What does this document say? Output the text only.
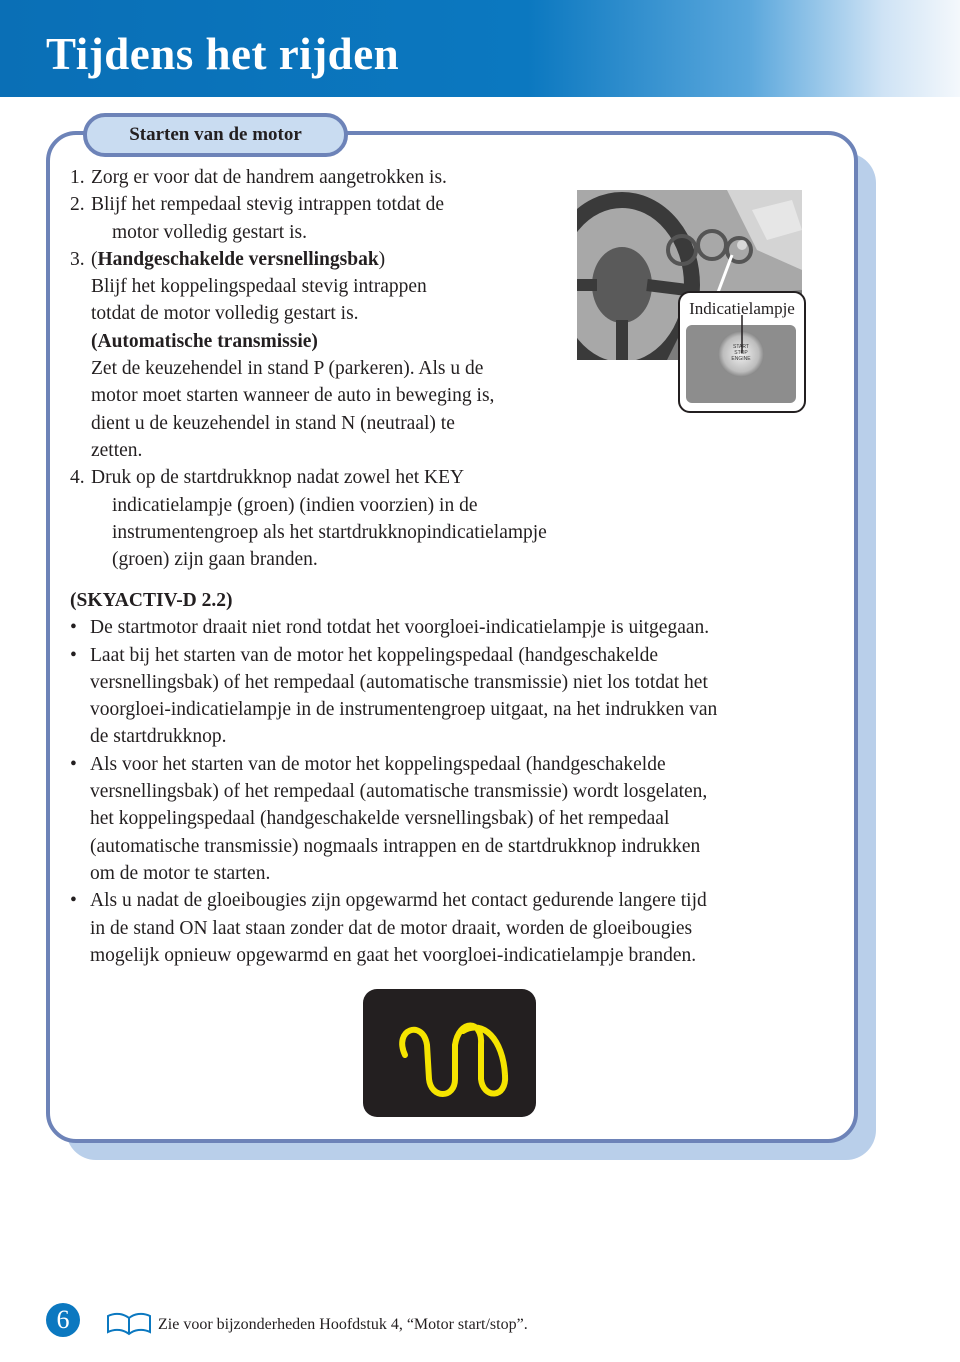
Tijdens het rijden
Starten van de motor
1. Zorg er voor dat de handrem aangetrokken is.
2. Blijf het rempedaal stevig intrappen totdat de
motor volledig gestart is.
3. (Handgeschakelde versnellingsbak)
Blijf het koppelingspedaal stevig intrappen
totdat de motor volledig gestart is.
(Automatische transmissie)
Zet de keuzehendel in stand P (parkeren). Als u de
motor moet starten wanneer de auto in beweging is,
dient u de keuzehendel in stand N (neutraal) te
zetten.
4. Druk op de startdrukknop nadat zowel het KEY
indicatielampje (groen) (indien voorzien) in de
instrumentengroep als het startdrukknopindicatielampje
(groen) zijn gaan branden.
Indicatielampje
START
STOP
ENGINE
(SKYACTIV-D 2.2)
• De startmotor draait niet rond totdat het voorgloei-indicatielampje is uitgegaan.
• Laat bij het starten van de motor het koppelingspedaal (handgeschakelde
versnellingsbak) of het rempedaal (automatische transmissie) niet los totdat het
voorgloei-indicatielampje in de instrumentengroep uitgaat, na het indrukken van
de startdrukknop.
• Als voor het starten van de motor het koppelingspedaal (handgeschakelde
versnellingsbak) of het rempedaal (automatische transmissie) wordt losgelaten,
het koppelingspedaal (handgeschakelde versnellingsbak) of het rempedaal
(automatische transmissie) nogmaals intrappen en de startdrukknop indrukken
om de motor te starten.
• Als u nadat de gloeibougies zijn opgewarmd het contact gedurende langere tijd
in de stand ON laat staan zonder dat de motor draait, worden de gloeibougies
mogelijk opnieuw opgewarmd en gaat het voorgloei-indicatielampje branden.
6	Zie voor bijzonderheden Hoofdstuk 4, “Motor start/stop”.
